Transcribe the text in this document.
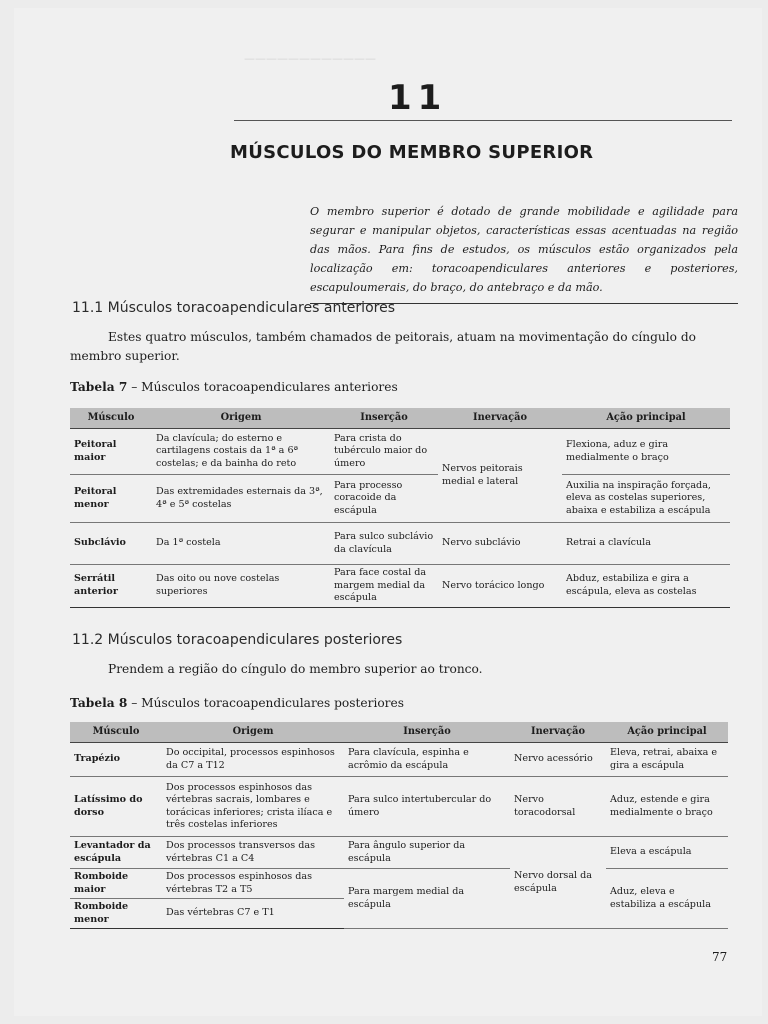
————————————
11
MÚSCULOS DO MEMBRO SUPERIOR
O membro superior é dotado de grande mobilidade e agilidade para segurar e manipular objetos, características essas acentuadas na região das mãos. Para fins de estudos, os músculos estão organizados pela localização em: toracoapendiculares anteriores e posteriores, escapuloumerais, do braço, do antebraço e da mão.
11.1 Músculos toracoapendiculares anteriores
Estes quatro músculos, também chamados de peitorais, atuam na movimentação do cíngulo do membro superior.
Tabela 7 – Músculos toracoapendiculares anteriores
Músculo	Origem	Inserção	Inervação	Ação principal
Peitoral maior	Da clavícula; do esterno e cartilagens costais da 1ª a 6ª costelas; e da bainha do reto	Para crista do tubérculo maior do úmero	Nervos peitorais medial e lateral	Flexiona, aduz e gira medialmente o braço
Peitoral menor	Das extremidades esternais da 3ª, 4ª e 5ª costelas	Para processo coracoide da escápula		Auxilia na inspiração forçada, eleva as costelas superiores, abaixa e estabiliza a escápula
Subclávio	Da 1ª costela	Para sulco subclávio da clavícula	Nervo subclávio	Retrai a clavícula
Serrátil anterior	Das oito ou nove costelas superiores	Para face costal da margem medial da escápula	Nervo torácico longo	Abduz, estabiliza e gira a escápula, eleva as costelas
11.2 Músculos toracoapendiculares posteriores
Prendem a região do cíngulo do membro superior ao tronco.
Tabela 8 – Músculos toracoapendiculares posteriores
Músculo	Origem	Inserção	Inervação	Ação principal
Trapézio	Do occipital, processos espinhosos da C7 a T12	Para clavícula, espinha e acrômio da escápula	Nervo acessório	Eleva, retrai, abaixa e gira a escápula
Latíssimo do dorso	Dos processos espinhosos das vértebras sacrais, lombares e torácicas inferiores; crista ilíaca e três costelas inferiores	Para sulco intertubercular do úmero	Nervo toracodorsal	Aduz, estende e gira medialmente o braço
Levantador da escápula	Dos processos transversos das vértebras C1 a C4	Para ângulo superior da escápula	Nervo dorsal da escápula	Eleva a escápula
Romboide maior	Dos processos espinhosos das vértebras T2 a T5	Para margem medial da escápula		Aduz, eleva e estabiliza a escápula
Romboide menor	Das vértebras C7 e T1			
77
